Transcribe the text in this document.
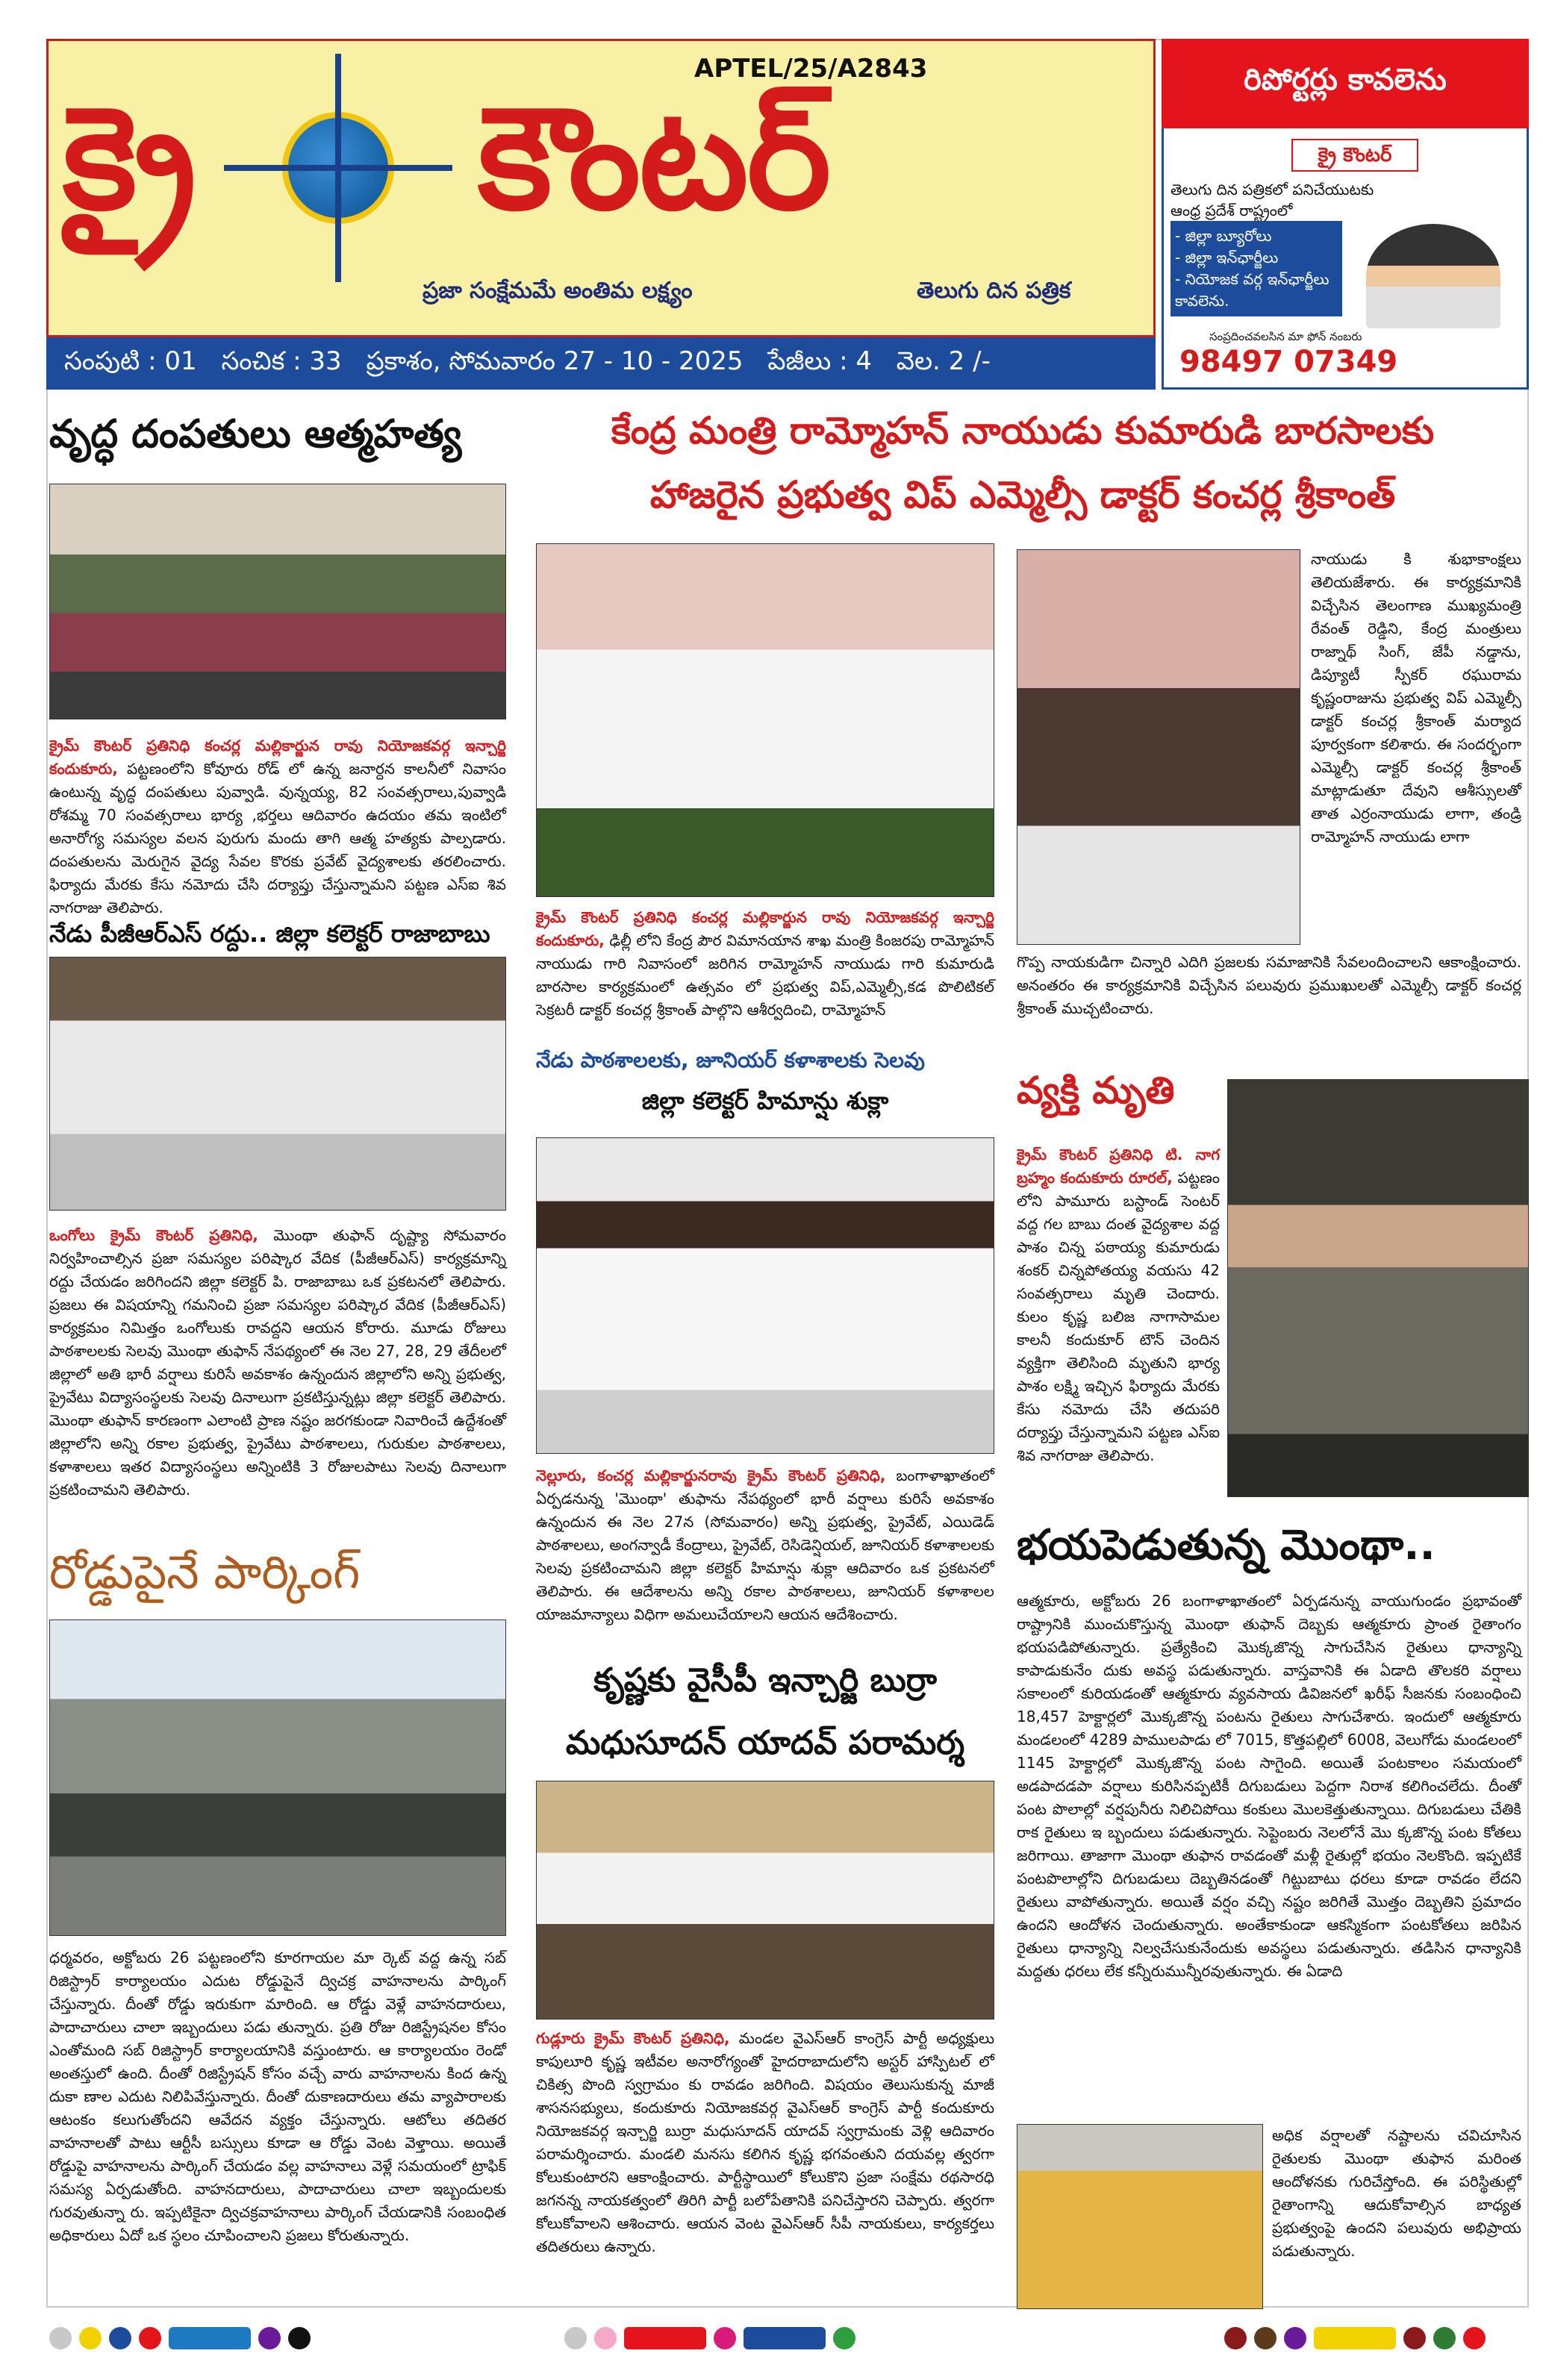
క్రై కౌంటర్
APTEL/25/A2843
ప్రజా సంక్షేమమే అంతిమ లక్ష్యం	తెలుగు దిన పత్రిక
సంపుటి : 01 సంచిక : 33 ప్రకాశం, సోమవారం 27 - 10 - 2025 పేజీలు : 4 వెల. 2 /-
రిపోర్టర్లు కావలెను
క్రై కౌంటర్
తెలుగు దిన పత్రికలో పనిచేయుటకు ఆంధ్ర ప్రదేశ్ రాష్ట్రంలో
- జిల్లా బ్యూరోలు
- జిల్లా ఇన్‌ఛార్జీలు
- నియోజక వర్గ ఇన్‌ఛార్జీలు
కావలెను.
సంప్రదించవలసిన మా ఫోన్ నంబరు
98497 07349
వృద్ధ దంపతులు ఆత్మహత్య
క్రైమ్ కౌంటర్ ప్రతినిధి కంచర్ల మల్లికార్జున రావు నియోజకవర్గ ఇన్చార్జి కందుకూరు, పట్టణంలోని కోవూరు రోడ్ లో ఉన్న జనార్దన కాలనీలో నివాసం ఉంటున్న వృద్ధ దంపతులు పువ్వాడి. వున్నయ్య, 82 సంవత్సరాలు,పువ్వాడి రోశమ్మ 70 సంవత్సరాలు భార్య ,భర్తలు ఆదివారం ఉదయం తమ ఇంటిలో అనారోగ్య సమస్యల వలన పురుగు మందు తాగి ఆత్మ హత్యకు పాల్పడారు. దంపతులను మెరుగైన వైద్య సేవల కొరకు ప్రవేట్ వైద్యశాలకు తరలించారు. ఫిర్యాదు మేరకు కేసు నమోదు చేసి దర్యాప్తు చేస్తున్నామని పట్టణ ఎస్ఐ శివ నాగరాజు తెలిపారు.
నేడు పీజీఆర్ఎస్ రద్దు.. జిల్లా కలెక్టర్ రాజాబాబు
ఒంగోలు క్రైమ్ కౌంటర్ ప్రతినిధి, మొంథా తుఫాన్ దృష్ట్యా సోమవారం నిర్వహించాల్సిన ప్రజా సమస్యల పరిష్కార వేదిక (పీజీఆర్ఎస్) కార్యక్రమాన్ని రద్దు చేయడం జరిగిందని జిల్లా కలెక్టర్ పి. రాజాబాబు ఒక ప్రకటనలో తెలిపారు. ప్రజలు ఈ విషయాన్ని గమనించి ప్రజా సమస్యల పరిష్కార వేదిక (పీజీఆర్ఎస్) కార్యక్రమం నిమిత్తం ఒంగోలుకు రావద్దని ఆయన కోరారు. మూడు రోజులు పాఠశాలలకు సెలవు మొంథా తుఫాన్ నేపథ్యంలో ఈ నెల 27, 28, 29 తేదీలలో జిల్లాలో అతి భారీ వర్షాలు కురిసే అవకాశం ఉన్నందున జిల్లాలోని అన్ని ప్రభుత్వ, ప్రైవేటు విద్యాసంస్థలకు సెలవు దినాలుగా ప్రకటిస్తున్నట్లు జిల్లా కలెక్టర్ తెలిపారు. మొంథా తుఫాన్ కారణంగా ఎలాంటి ప్రాణ నష్టం జరగకుండా నివారించే ఉద్దేశంతో జిల్లాలోని అన్ని రకాల ప్రభుత్వ, ప్రైవేటు పాఠశాలలు, గురుకుల పాఠశాలలు, కళాశాలలు ఇతర విద్యాసంస్థలు అన్నింటికి 3 రోజులపాటు సెలవు దినాలుగా ప్రకటించామని తెలిపారు.
రోడ్డుపైనే పార్కింగ్
ధర్మవరం, అక్టోబరు 26 పట్టణంలోని కూరగాయల మా ర్కెట్ వద్ద ఉన్న సబ్ రిజిస్ట్రార్ కార్యాలయం ఎదుట రోడ్డుపైనే ద్విచక్ర వాహనాలను పార్కింగ్ చేస్తున్నారు. దీంతో రోడ్డు ఇరుకుగా మారింది. ఆ రోడ్డు వెళ్లే వాహనదారులు, పాదాచారులు చాలా ఇబ్బందులు పడు తున్నారు. ప్రతి రోజు రిజిస్ట్రేషనల కోసం ఎంతోమంది సబ్ రిజిస్ట్రార్ కార్యాలయానికి వస్తుంటారు. ఆ కార్యాలయం రెండో అంతస్తులో ఉంది. దీంతో రిజిస్ట్రేషన్ కోసం వచ్చే వారు వాహనాలను కింద ఉన్న దుకా ణాల ఎదుట నిలిపివేస్తున్నారు. దీంతో దుకాణదారులు తమ వ్యాపారాలకు ఆటంకం కలుగుతోందని ఆవేదన వ్యక్తం చేస్తున్నారు. ఆటోలు తదితర వాహనాలతో పాటు ఆర్టీసీ బస్సులు కూడా ఆ రోడ్డు వెంట వెళ్తాయి. అయితే రోడ్డుపై వాహనాలను పార్కింగ్ చేయడం వల్ల వాహనాలు వెళ్లే సమయంలో ట్రాఫిక్ సమస్య ఏర్పడుతోంది. వాహనదారులు, పాదాచారులు చాలా ఇబ్బందులకు గురవుతున్నా రు. ఇప్పటికైనా ద్విచక్రవాహనాలు పార్కింగ్ చేయడానికి సంబంధిత అధికారులు ఏదో ఒక స్థలం చూపించాలని ప్రజలు కోరుతున్నారు.
కేంద్ర మంత్రి రామ్మోహన్ నాయుడు కుమారుడి బారసాలకు
హాజరైన ప్రభుత్వ విప్ ఎమ్మెల్సీ డాక్టర్ కంచర్ల శ్రీకాంత్
క్రైమ్ కౌంటర్ ప్రతినిధి కంచర్ల మల్లికార్జున రావు నియోజకవర్గ ఇన్చార్జి కందుకూరు, ఢిల్లీ లోని కేంద్ర పౌర విమానయాన శాఖ మంత్రి కింజరపు రామ్మోహన్ నాయుడు గారి నివాసంలో జరిగిన రామ్మోహన్ నాయుడు గారి కుమారుడి బారసాల కార్యక్రమంలో ఉత్సవం లో ప్రభుత్వ విప్,ఎమ్మెల్సీ,కడ పొలిటికల్ సెక్రటరీ డాక్టర్ కంచర్ల శ్రీకాంత్ పాల్గొని ఆశీర్వదించి, రామ్మోహన్
నాయుడు కి శుభాకాంక్షలు తెలియజేశారు. ఈ కార్యక్రమానికి విచ్చేసిన తెలంగాణ ముఖ్యమంత్రి రేవంత్ రెడ్డిని, కేంద్ర మంత్రులు రాజ్నాథ్ సింగ్, జేపీ నడ్డాను, డిప్యూటీ స్పీకర్ రఘురామ కృష్ణంరాజును ప్రభుత్వ విప్ ఎమ్మెల్సీ డాక్టర్ కంచర్ల శ్రీకాంత్ మర్యాద పూర్వకంగా కలిశారు. ఈ సందర్భంగా ఎమ్మెల్సీ డాక్టర్ కంచర్ల శ్రీకాంత్ మాట్లాడుతూ దేవుని ఆశీస్సులతో తాత ఎర్రంనాయుడు లాగా, తండ్రి రామ్మోహన్ నాయుడు లాగా
గొప్ప నాయకుడిగా చిన్నారి ఎదిగి ప్రజలకు సమాజానికి సేవలందించాలని ఆకాంక్షించారు. అనంతరం ఈ కార్యక్రమానికి విచ్చేసిన పలువురు ప్రముఖులతో ఎమ్మెల్సీ డాక్టర్ కంచర్ల శ్రీకాంత్ ముచ్చటించారు.
నేడు పాఠశాలలకు, జూనియర్ కళాశాలకు సెలవు
జిల్లా కలెక్టర్ హిమాన్షు శుక్లా
నెల్లూరు, కంచర్ల మల్లికార్జునరావు క్రైమ్ కౌంటర్ ప్రతినిధి, బంగాళాఖాతంలో ఏర్పడనున్న 'మొంథా' తుఫాను నేపథ్యంలో భారీ వర్షాలు కురిసే అవకాశం ఉన్నందున ఈ నెల 27న (సోమవారం) అన్ని ప్రభుత్వ, ప్రైవేట్, ఎయిడెడ్ పాఠశాలలు, అంగన్వాడీ కేంద్రాలు, ప్రైవేట్, రెసిడెన్షియల్, జూనియర్ కళాశాలలకు సెలవు ప్రకటించామని జిల్లా కలెక్టర్ హిమాన్షు శుక్లా ఆదివారం ఒక ప్రకటనలో తెలిపారు. ఈ ఆదేశాలను అన్ని రకాల పాఠశాలలు, జూనియర్ కళాశాలల యాజమాన్యాలు విధిగా అమలుచేయాలని ఆయన ఆదేశించారు.
కృష్ణకు వైసీపీ ఇన్చార్జి బుర్రా
మధుసూదన్ యాదవ్ పరామర్శ
గుడ్లూరు క్రైమ్ కౌంటర్ ప్రతినిధి, మండల వైఎస్ఆర్ కాంగ్రెస్ పార్టీ అధ్యక్షులు కాపులూరి కృష్ణ ఇటీవల అనారోగ్యంతో హైదరాబాదులోని అస్టర్ హాస్పిటల్ లో చికిత్స పొంది స్వగ్రామం కు రావడం జరిగింది. విషయం తెలుసుకున్న మాజీ శాసనసభ్యులు, కందుకూరు నియోజకవర్గ వైఎస్ఆర్ కాంగ్రెస్ పార్టీ కందుకూరు నియోజకవర్గ ఇన్చార్జి బుర్రా మధుసూదన్ యాదవ్ స్వగ్రామంకు వెళ్లి ఆదివారం పరామర్శించారు. మండలి మనసు కలిగిన కృష్ణ భగవంతుని దయవల్ల త్వరగా కోలుకుంటారని ఆకాంక్షించారు. పార్టీస్థాయిలో కోలుకొని ప్రజా సంక్షేమ రథసారధి జగనన్న నాయకత్వంలో తిరిగి పార్టీ బలోపేతానికి పనిచేస్తారని చెప్పారు. త్వరగా కోలుకోవాలని ఆశించారు. ఆయన వెంట వైఎస్ఆర్ సీపీ నాయకులు, కార్యకర్తలు తదితరులు ఉన్నారు.
వ్యక్తి మృతి
క్రైమ్ కౌంటర్ ప్రతినిధి టి. నాగ బ్రహ్మం కందుకూరు రూరల్, పట్టణం లోని పామూరు బస్టాండ్ సెంటర్ వద్ద గల బాబు దంత వైద్యశాల వద్ద పాశం చిన్న పఠాయ్య కుమారుడు శంకర్ చిన్నపోతయ్య వయసు 42 సంవత్సరాలు మృతి చెందారు. కులం కృష్ణ బలిజ నాగాసామల కాలనీ కందుకూర్ టౌన్ చెందిన వ్యక్తిగా తెలిసింది మృతుని భార్య పాశం లక్ష్మి ఇచ్చిన ఫిర్యాదు మేరకు కేసు నమోదు చేసి తదుపరి దర్యాప్తు చేస్తున్నామని పట్టణ ఎస్ఐ శివ నాగరాజు తెలిపారు.
భయపెడుతున్న మొంథా..
ఆత్మకూరు, అక్టోబరు 26 బంగాళాఖాతంలో ఏర్పడనున్న వాయుగుండం ప్రభావంతో రాష్ట్రానికి ముంచుకొస్తున్న మొంథా తుఫాన్ దెబ్బకు ఆత్మకూరు ప్రాంత రైతాంగం భయపడిపోతున్నారు. ప్రత్యేకించి మొక్కజొన్న సాగుచేసిన రైతులు ధాన్యాన్ని కాపాడుకునేం దుకు అవస్థ పడుతున్నారు. వాస్తవానికి ఈ ఏడాది తొలకరి వర్షాలు సకాలంలో కురియడంతో ఆత్మకూరు వ్యవసాయ డివిజనలో ఖరీఫ్ సీజనకు సంబంధించి 18,457 హెక్టార్లలో మొక్కజొన్న పంటను రైతులు సాగుచేశారు. ఇందులో ఆత్మకూరు మండలంలో 4289 పాములపాడు లో 7015, కొత్తపల్లిలో 6008, వెలుగోడు మండలంలో 1145 హెక్టార్లలో మొక్కజొన్న పంట సాగైంది. అయితే పంటకాలం సమయంలో అడపాదడపా వర్షాలు కురిసినప్పటికీ దిగుబడులు పెద్దగా నిరాశ కలిగించలేదు. దీంతో పంట పొలాల్లో వర్షపునీరు నిలిచిపోయి కంకులు మొలకెత్తుతున్నాయి. దిగుబడులు చేతికి రాక రైతులు ఇ బ్బందులు పడుతున్నారు. సెప్టెంబరు నెలలోనే మొ క్కజొన్న పంట కోతలు జరిగాయి. తాజాగా మొంథా తుఫాన రావడంతో మళ్లీ రైతుల్లో భయం నెలకొంది. ఇప్పటికే పంటపొలాల్లోని దిగుబడులు దెబ్బతినడంతో గిట్టుబాటు ధరలు కూడా రావడం లేదని రైతులు వాపోతున్నారు. అయితే వర్షం వచ్చి నష్టం జరిగితే మొత్తం దెబ్బతిని ప్రమాదం ఉందని ఆందోళన చెందుతున్నారు. అంతేకాకుండా ఆకస్మికంగా పంటకోతలు జరిపిన రైతులు ధాన్యాన్ని నిల్వచేసుకునేందుకు అవస్థలు పడుతున్నారు. తడిసిన ధాన్యానికి మద్దతు ధరలు లేక కన్నీరుమున్నీరవుతున్నారు. ఈ ఏడాది
అధిక వర్షాలతో నష్టాలను చవిచూసిన రైతులకు మొంథా తుఫాన మరింత ఆందోళనకు గురిచేస్తోంది. ఈ పరిస్థితుల్లో రైతాంగాన్ని ఆదుకోవాల్సిన బాధ్యత ప్రభుత్వంపై ఉందని పలువురు అభిప్రాయ పడుతున్నారు.
